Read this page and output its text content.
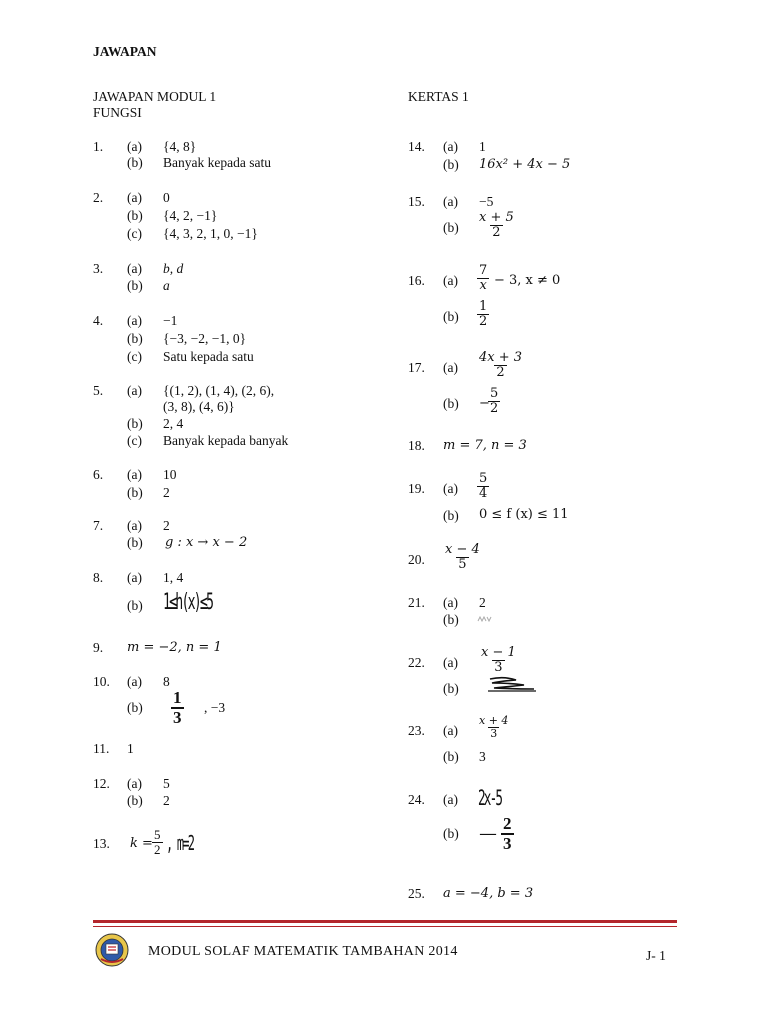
JAWAPAN
JAWAPAN MODUL 1
FUNGSI
KERTAS 1
1. (a) {4, 8}
(b) Banyak kepada satu
2. (a) 0
(b) {4, 2, −1}
(c) {4, 3, 2, 1, 0, −1}
3. (a) b, d
(b) a
4. (a) −1
(b) {−3, −2, −1, 0}
(c) Satu kepada satu
5. (a) {(1, 2), (1, 4), (2, 6),
(3, 8), (4, 6)}
(b) 2, 4
(c) Banyak kepada banyak
6. (a) 10
(b) 2
7. (a) 2
(b) g : x → x − 2
8. (a) 1, 4
(b) 1≤h(x)≤5
9. m = −2, n = 1
10. (a) 8
$(b) \frac{1}{3}$ , −3
11. 1
12. (a) 5
(b) 2
13. $k = \frac{5}{2}$ , m=2
14. (a) 1
(b) 16x² + 4x − 5
15. (a) −5
$(b) \frac{x + 5}{2}$
16. $(a) \frac{7}{x} - 3$, x ≠ 0
$(b) \frac{1}{2}$
17. $(a) \frac{4x + 3}{2}$
(b) −
$\frac{5}{2}$
18. m = 7, n = 3
19. $(a) \frac{5}{4}$
(b) 0 ≤ f (x) ≤ 11
20. $\frac{x - 4}{5}$
21. (a) 2
(b)
22. $(a) \frac{x - 1}{3}$
(b)
23. $(a) \frac{x + 4}{3}$
(b) 3
24. (a) 2x-5
(b) — $\frac{2}{3}$
25. a = −4, b = 3
MODUL SOLAF MATEMATIK TAMBAHAN 2014	J- 1
